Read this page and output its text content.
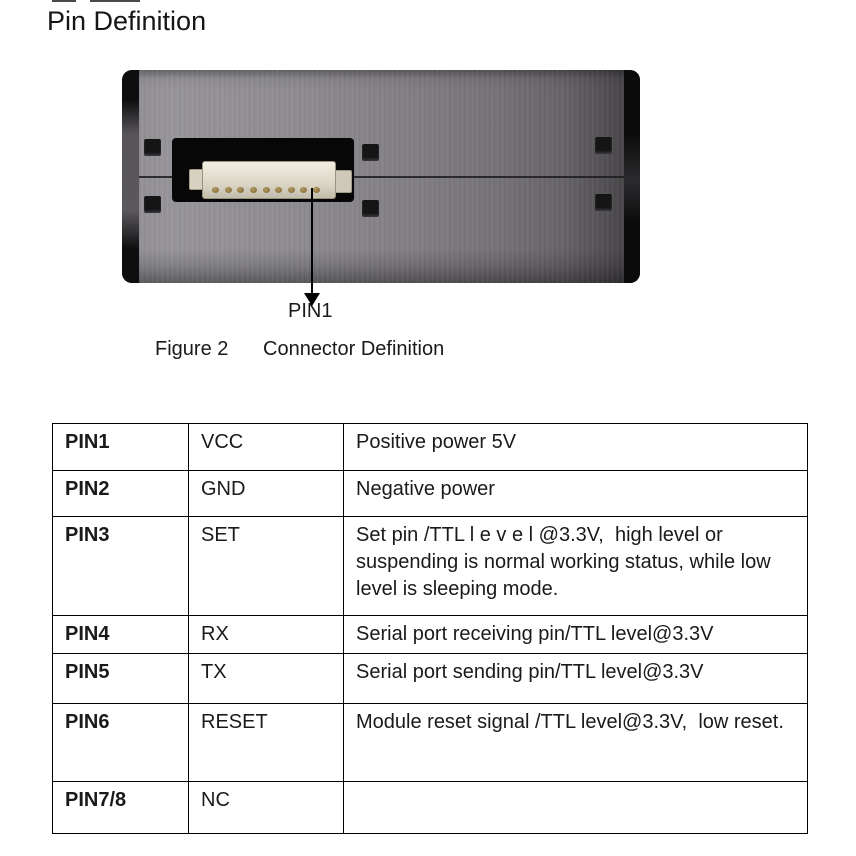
Pin Definition
PIN1
Figure 2 Connector Definition
PIN1	VCC	Positive power 5V
PIN2	GND	Negative power
PIN3	SET	Set pin /TTL l e v e l @3.3V,  high level or suspending is normal working status, while low level is sleeping mode.
PIN4	RX	Serial port receiving pin/TTL level@3.3V
PIN5	TX	Serial port sending pin/TTL level@3.3V
PIN6	RESET	Module reset signal /TTL level@3.3V,  low reset.
PIN7/8	NC	
